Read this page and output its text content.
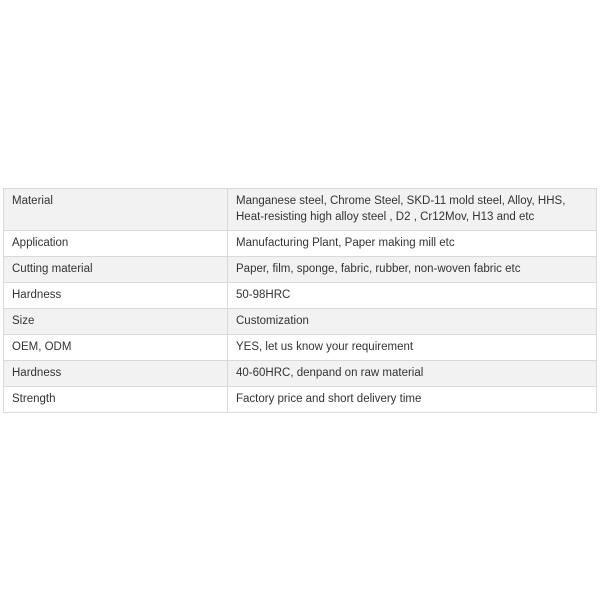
Material	Manganese steel, Chrome Steel, SKD-11 mold steel, Alloy, HHS, Heat-resisting high alloy steel , D2 , Cr12Mov, H13 and etc
Application	Manufacturing Plant, Paper making mill etc
Cutting material	Paper, film, sponge, fabric, rubber, non-woven fabric etc
Hardness	50-98HRC
Size	Customization
OEM, ODM	YES, let us know your requirement
Hardness	40-60HRC, denpand on raw material
Strength	Factory price and short delivery time
